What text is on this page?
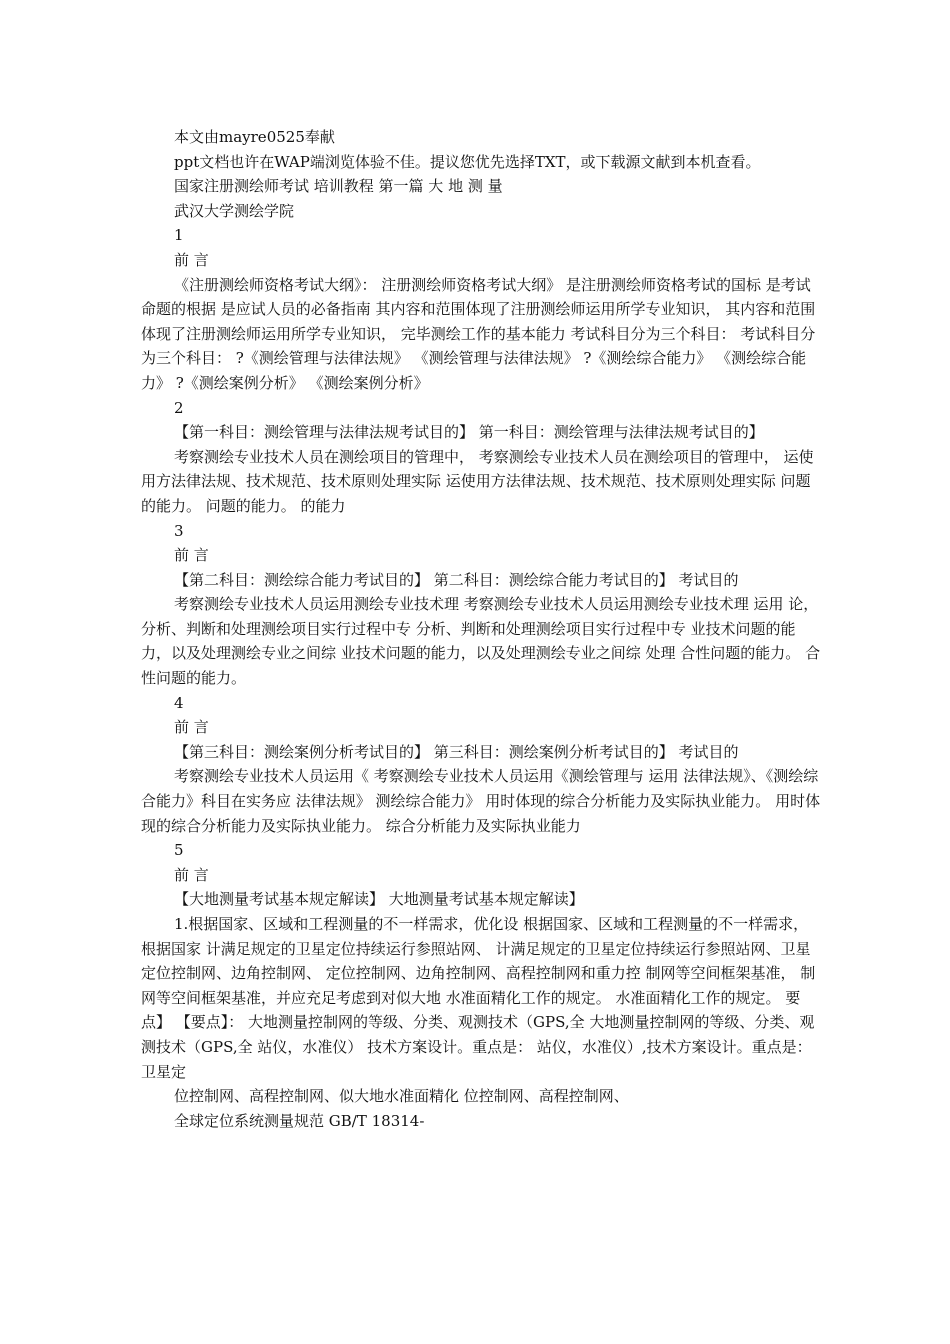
本文由mayre0525奉献
ppt文档也许在WAP端浏览体验不佳。提议您优先选择TXT，或下载源文献到本机查看。
国家注册测绘师考试 培训教程 第一篇 大 地 测 量
武汉大学测绘学院
1
前 言
《注册测绘师资格考试大纲》： 注册测绘师资格考试大纲》 是注册测绘师资格考试的国标 是考试命题的根据 是应试人员的必备指南 其内容和范围体现了注册测绘师运用所学专业知识， 其内容和范围体现了注册测绘师运用所学专业知识， 完毕测绘工作的基本能力 考试科目分为三个科目： 考试科目分为三个科目： ?《测绘管理与法律法规》 《测绘管理与法律法规》 ?《测绘综合能力》 《测绘综合能力》 ?《测绘案例分析》 《测绘案例分析》
2
【第一科目：测绘管理与法律法规考试目的】 第一科目：测绘管理与法律法规考试目的】
考察测绘专业技术人员在测绘项目的管理中， 考察测绘专业技术人员在测绘项目的管理中， 运使用方法律法规、技术规范、技术原则处理实际 运使用方法律法规、技术规范、技术原则处理实际 问题的能力。 问题的能力。 的能力
3
前 言
【第二科目：测绘综合能力考试目的】 第二科目：测绘综合能力考试目的】 考试目的
考察测绘专业技术人员运用测绘专业技术理 考察测绘专业技术人员运用测绘专业技术理 运用 论，分析、判断和处理测绘项目实行过程中专 分析、判断和处理测绘项目实行过程中专 业技术问题的能力，以及处理测绘专业之间综 业技术问题的能力，以及处理测绘专业之间综 处理 合性问题的能力。 合性问题的能力。
4
前 言
【第三科目：测绘案例分析考试目的】 第三科目：测绘案例分析考试目的】 考试目的
考察测绘专业技术人员运用《 考察测绘专业技术人员运用《测绘管理与 运用 法律法规》、《测绘综合能力》科目在实务应 法律法规》 测绘综合能力》 用时体现的综合分析能力及实际执业能力。 用时体现的综合分析能力及实际执业能力。 综合分析能力及实际执业能力
5
前 言
【大地测量考试基本规定解读】 大地测量考试基本规定解读】
1.根据国家、区域和工程测量的不一样需求，优化设 根据国家、区域和工程测量的不一样需求， 根据国家 计满足规定的卫星定位持续运行参照站网、 计满足规定的卫星定位持续运行参照站网、卫星 定位控制网、边角控制网、 定位控制网、边角控制网、高程控制网和重力控 制网等空间框架基准， 制网等空间框架基准，并应充足考虑到对似大地 水准面精化工作的规定。 水准面精化工作的规定。 要点】 【要点】： 大地测量控制网的等级、分类、观测技术（GPS,全 大地测量控制网的等级、分类、观测技术（GPS,全 站仪，水准仪） 技术方案设计。重点是： 站仪，水准仪）,技术方案设计。重点是：卫星定
位控制网、高程控制网、似大地水准面精化 位控制网、高程控制网、
全球定位系统测量规范 GB/T 18314-
